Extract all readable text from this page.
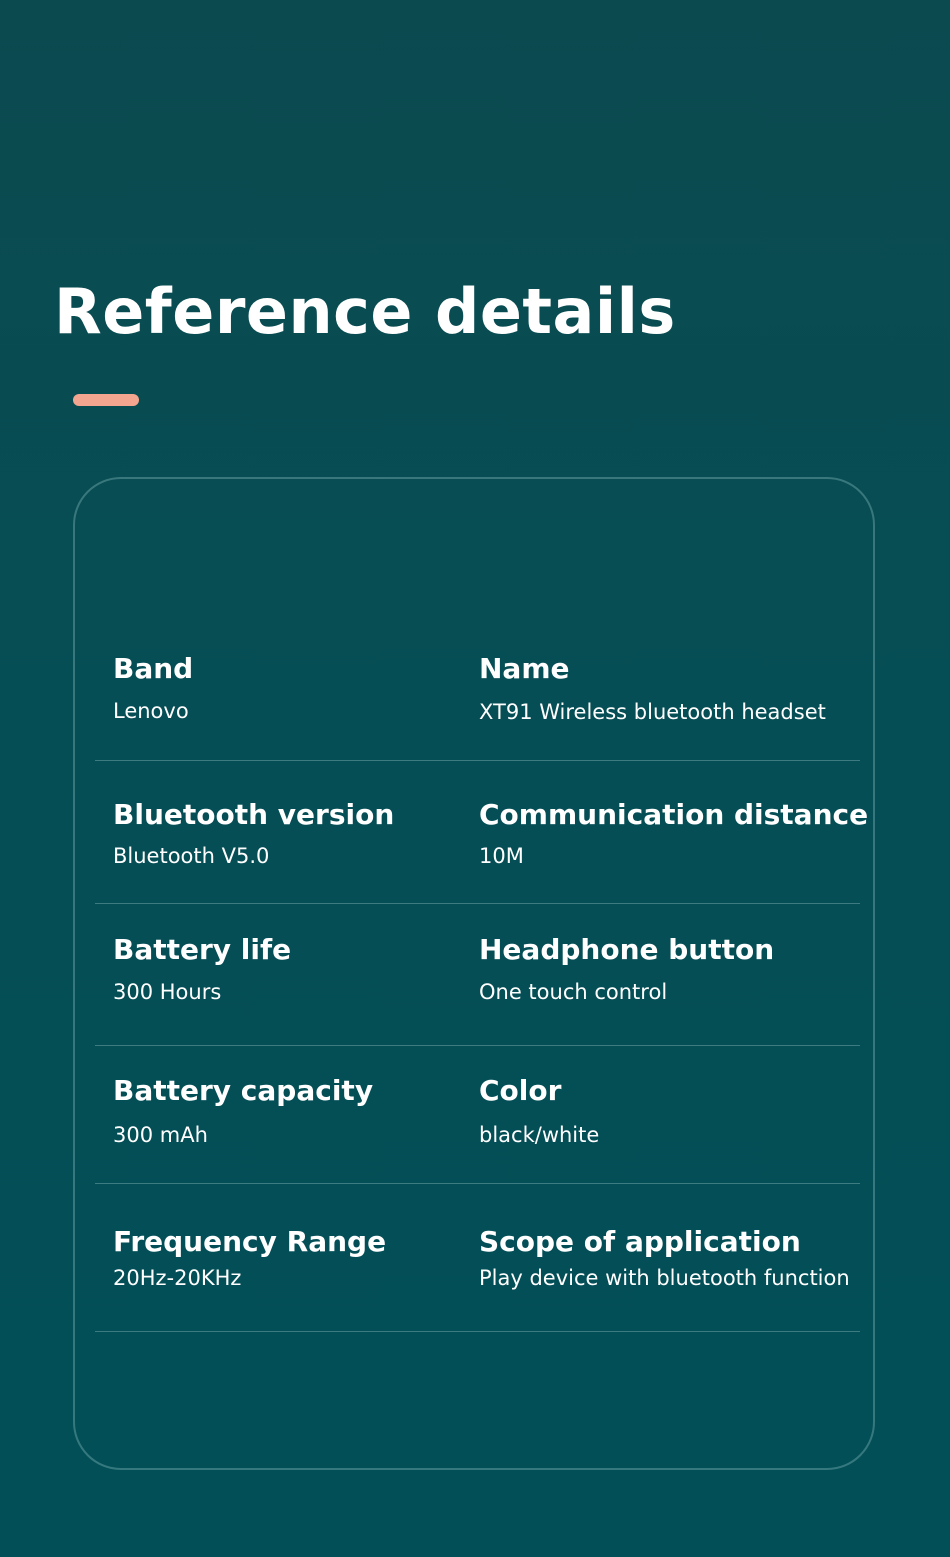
Reference details
Band
Lenovo
Name
XT91 Wireless bluetooth headset
Bluetooth version
Bluetooth V5.0
Communication distance
10M
Battery life
300 Hours
Headphone button
One touch control
Battery capacity
300 mAh
Color
black/white
Frequency Range
20Hz-20KHz
Scope of application
Play device with bluetooth function
